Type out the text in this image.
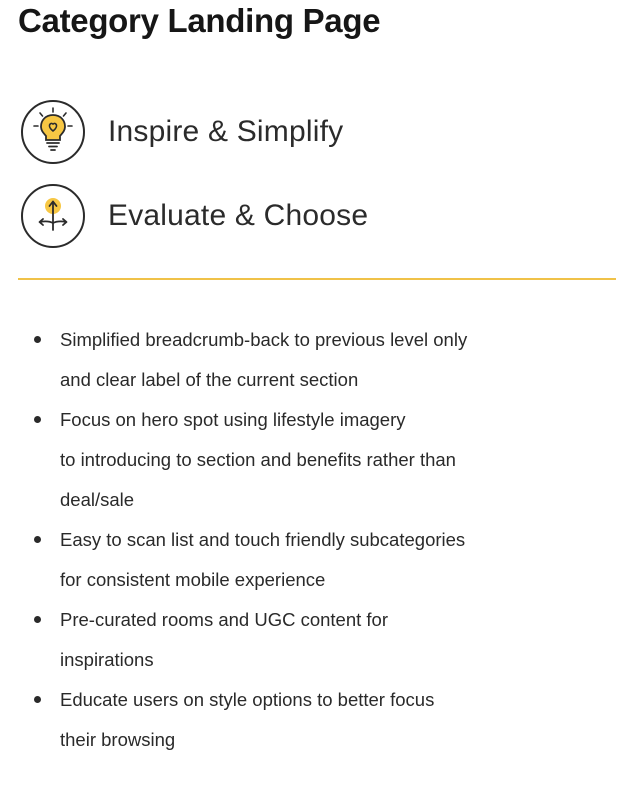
Category Landing Page
Inspire & Simplify
Evaluate & Choose
Simplified breadcrumb-back to previous level only
and clear label of the current section
Focus on hero spot using lifestyle imagery
to introducing to section and benefits rather than
deal/sale
Easy to scan list and touch friendly subcategories
for consistent mobile experience
Pre-curated rooms and UGC content for
inspirations
Educate users on style options to better focus
their browsing
